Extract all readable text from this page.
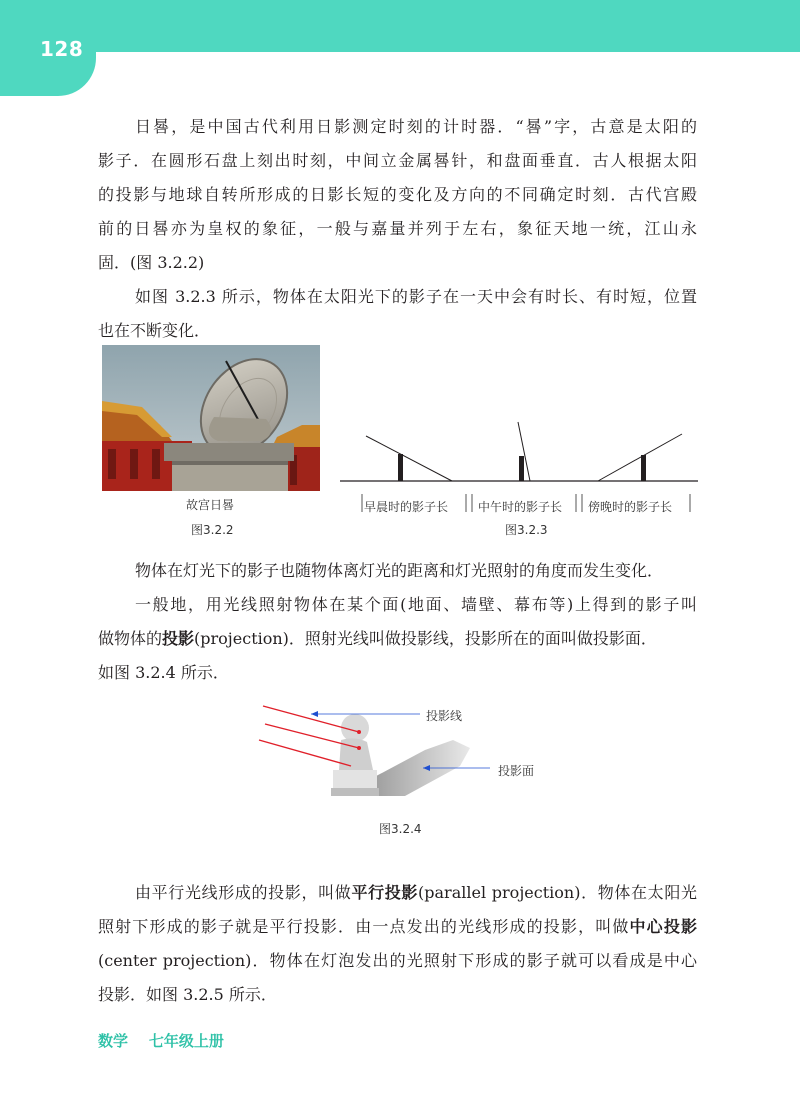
128
日晷，是中国古代利用日影测定时刻的计时器．“晷”字，古意是太阳的
影子．在圆形石盘上刻出时刻，中间立金属晷针，和盘面垂直．古人根据太阳
的投影与地球自转所形成的日影长短的变化及方向的不同确定时刻．古代宫殿
前的日晷亦为皇权的象征，一般与嘉量并列于左右，象征天地一统，江山永
固．(图 3.2.2)
如图 3.2.3 所示，物体在太阳光下的影子在一天中会有时长、有时短，位置
也在不断变化．
故宫日晷
图3.2.2
早晨时的影子长 中午时的影子长 傍晚时的影子长
图3.2.3
物体在灯光下的影子也随物体离灯光的距离和灯光照射的角度而发生变化．
一般地，用光线照射物体在某个面(地面、墙壁、幕布等)上得到的影子叫
做物体的投影(projection)．照射光线叫做投影线，投影所在的面叫做投影面．
如图 3.2.4 所示．
投影线
投影面
图3.2.4
由平行光线形成的投影，叫做平行投影(parallel projection)．物体在太阳光
照射下形成的影子就是平行投影．由一点发出的光线形成的投影，叫做中心投影
(center projection)．物体在灯泡发出的光照射下形成的影子就可以看成是中心
投影．如图 3.2.5 所示．
数学    七年级上册
